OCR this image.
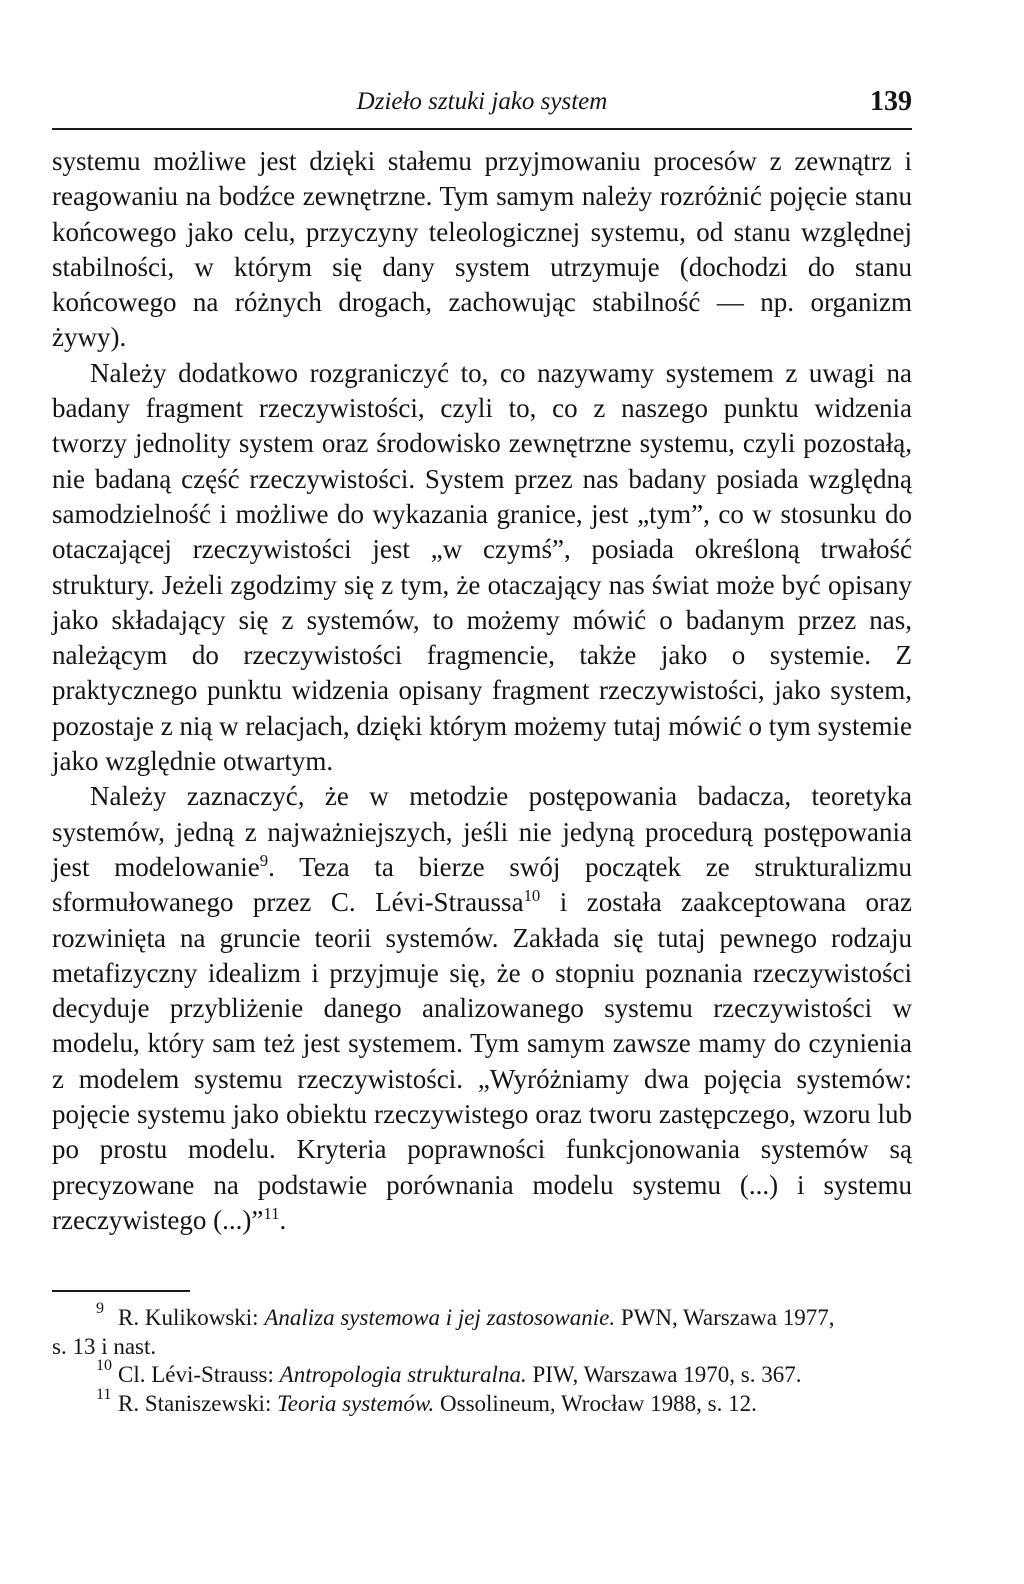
Dzieło sztuki jako system	139

systemu możliwe jest dzięki stałemu przyjmowaniu procesów z zewnątrz i reagowaniu na bodźce zewnętrzne. Tym samym należy rozróżnić pojęcie stanu końcowego jako celu, przyczyny teleologicznej systemu, od stanu względnej stabilności, w którym się dany system utrzymuje (dochodzi do stanu końcowego na różnych drogach, zachowując stabilność — np. organizm żywy).

Należy dodatkowo rozgraniczyć to, co nazywamy systemem z uwagi na badany fragment rzeczywistości, czyli to, co z naszego punktu widzenia tworzy jednolity system oraz środowisko zewnętrzne systemu, czyli pozostałą, nie badaną część rzeczywistości. System przez nas badany posiada względną samodzielność i możliwe do wykazania granice, jest „tym”, co w stosunku do otaczającej rzeczywistości jest „w czymś”, posiada określoną trwałość struktury. Jeżeli zgodzimy się z tym, że otaczający nas świat może być opisany jako składający się z systemów, to możemy mówić o badanym przez nas, należącym do rzeczywistości fragmencie, także jako o systemie. Z praktycznego punktu widzenia opisany fragment rzeczywistości, jako system, pozostaje z nią w relacjach, dzięki którym możemy tutaj mówić o tym systemie jako względnie otwartym.

Należy zaznaczyć, że w metodzie postępowania badacza, teoretyka systemów, jedną z najważniejszych, jeśli nie jedyną procedurą postępowania jest modelowanie$^9$. Teza ta bierze swój początek ze strukturalizmu sformułowanego przez C. Lévi-Straussa$^{10}$ i została zaakceptowana oraz rozwinięta na gruncie teorii systemów. Zakłada się tutaj pewnego rodzaju metafizyczny idealizm i przyjmuje się, że o stopniu poznania rzeczywistości decyduje przybliżenie danego analizowanego systemu rzeczywistości w modelu, który sam też jest systemem. Tym samym zawsze mamy do czynienia z modelem systemu rzeczywistości. „Wyróżniamy dwa pojęcia systemów: pojęcie systemu jako obiektu rzeczywistego oraz tworu zastępczego, wzoru lub po prostu modelu. Kryteria poprawności funkcjonowania systemów są precyzowane na podstawie porównania modelu systemu (...) i systemu rzeczywistego (...)”$^{11}$.

9 R. Kulikowski: Analiza systemowa i jej zastosowanie. PWN, Warszawa 1977,
s. 13 i nast.

10 Cl. Lévi-Strauss: Antropologia strukturalna. PIW, Warszawa 1970, s. 367.

11 R. Staniszewski: Teoria systemów. Ossolineum, Wrocław 1988, s. 12.
